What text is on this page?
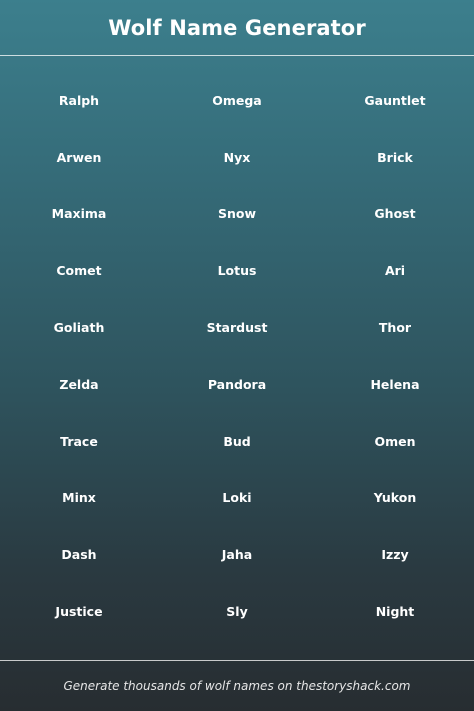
Wolf Name Generator
Ralph	Omega	Gauntlet
Arwen	Nyx	Brick
Maxima	Snow	Ghost
Comet	Lotus	Ari
Goliath	Stardust	Thor
Zelda	Pandora	Helena
Trace	Bud	Omen
Minx	Loki	Yukon
Dash	Jaha	Izzy
Justice	Sly	Night
Generate thousands of wolf names on thestoryshack.com
